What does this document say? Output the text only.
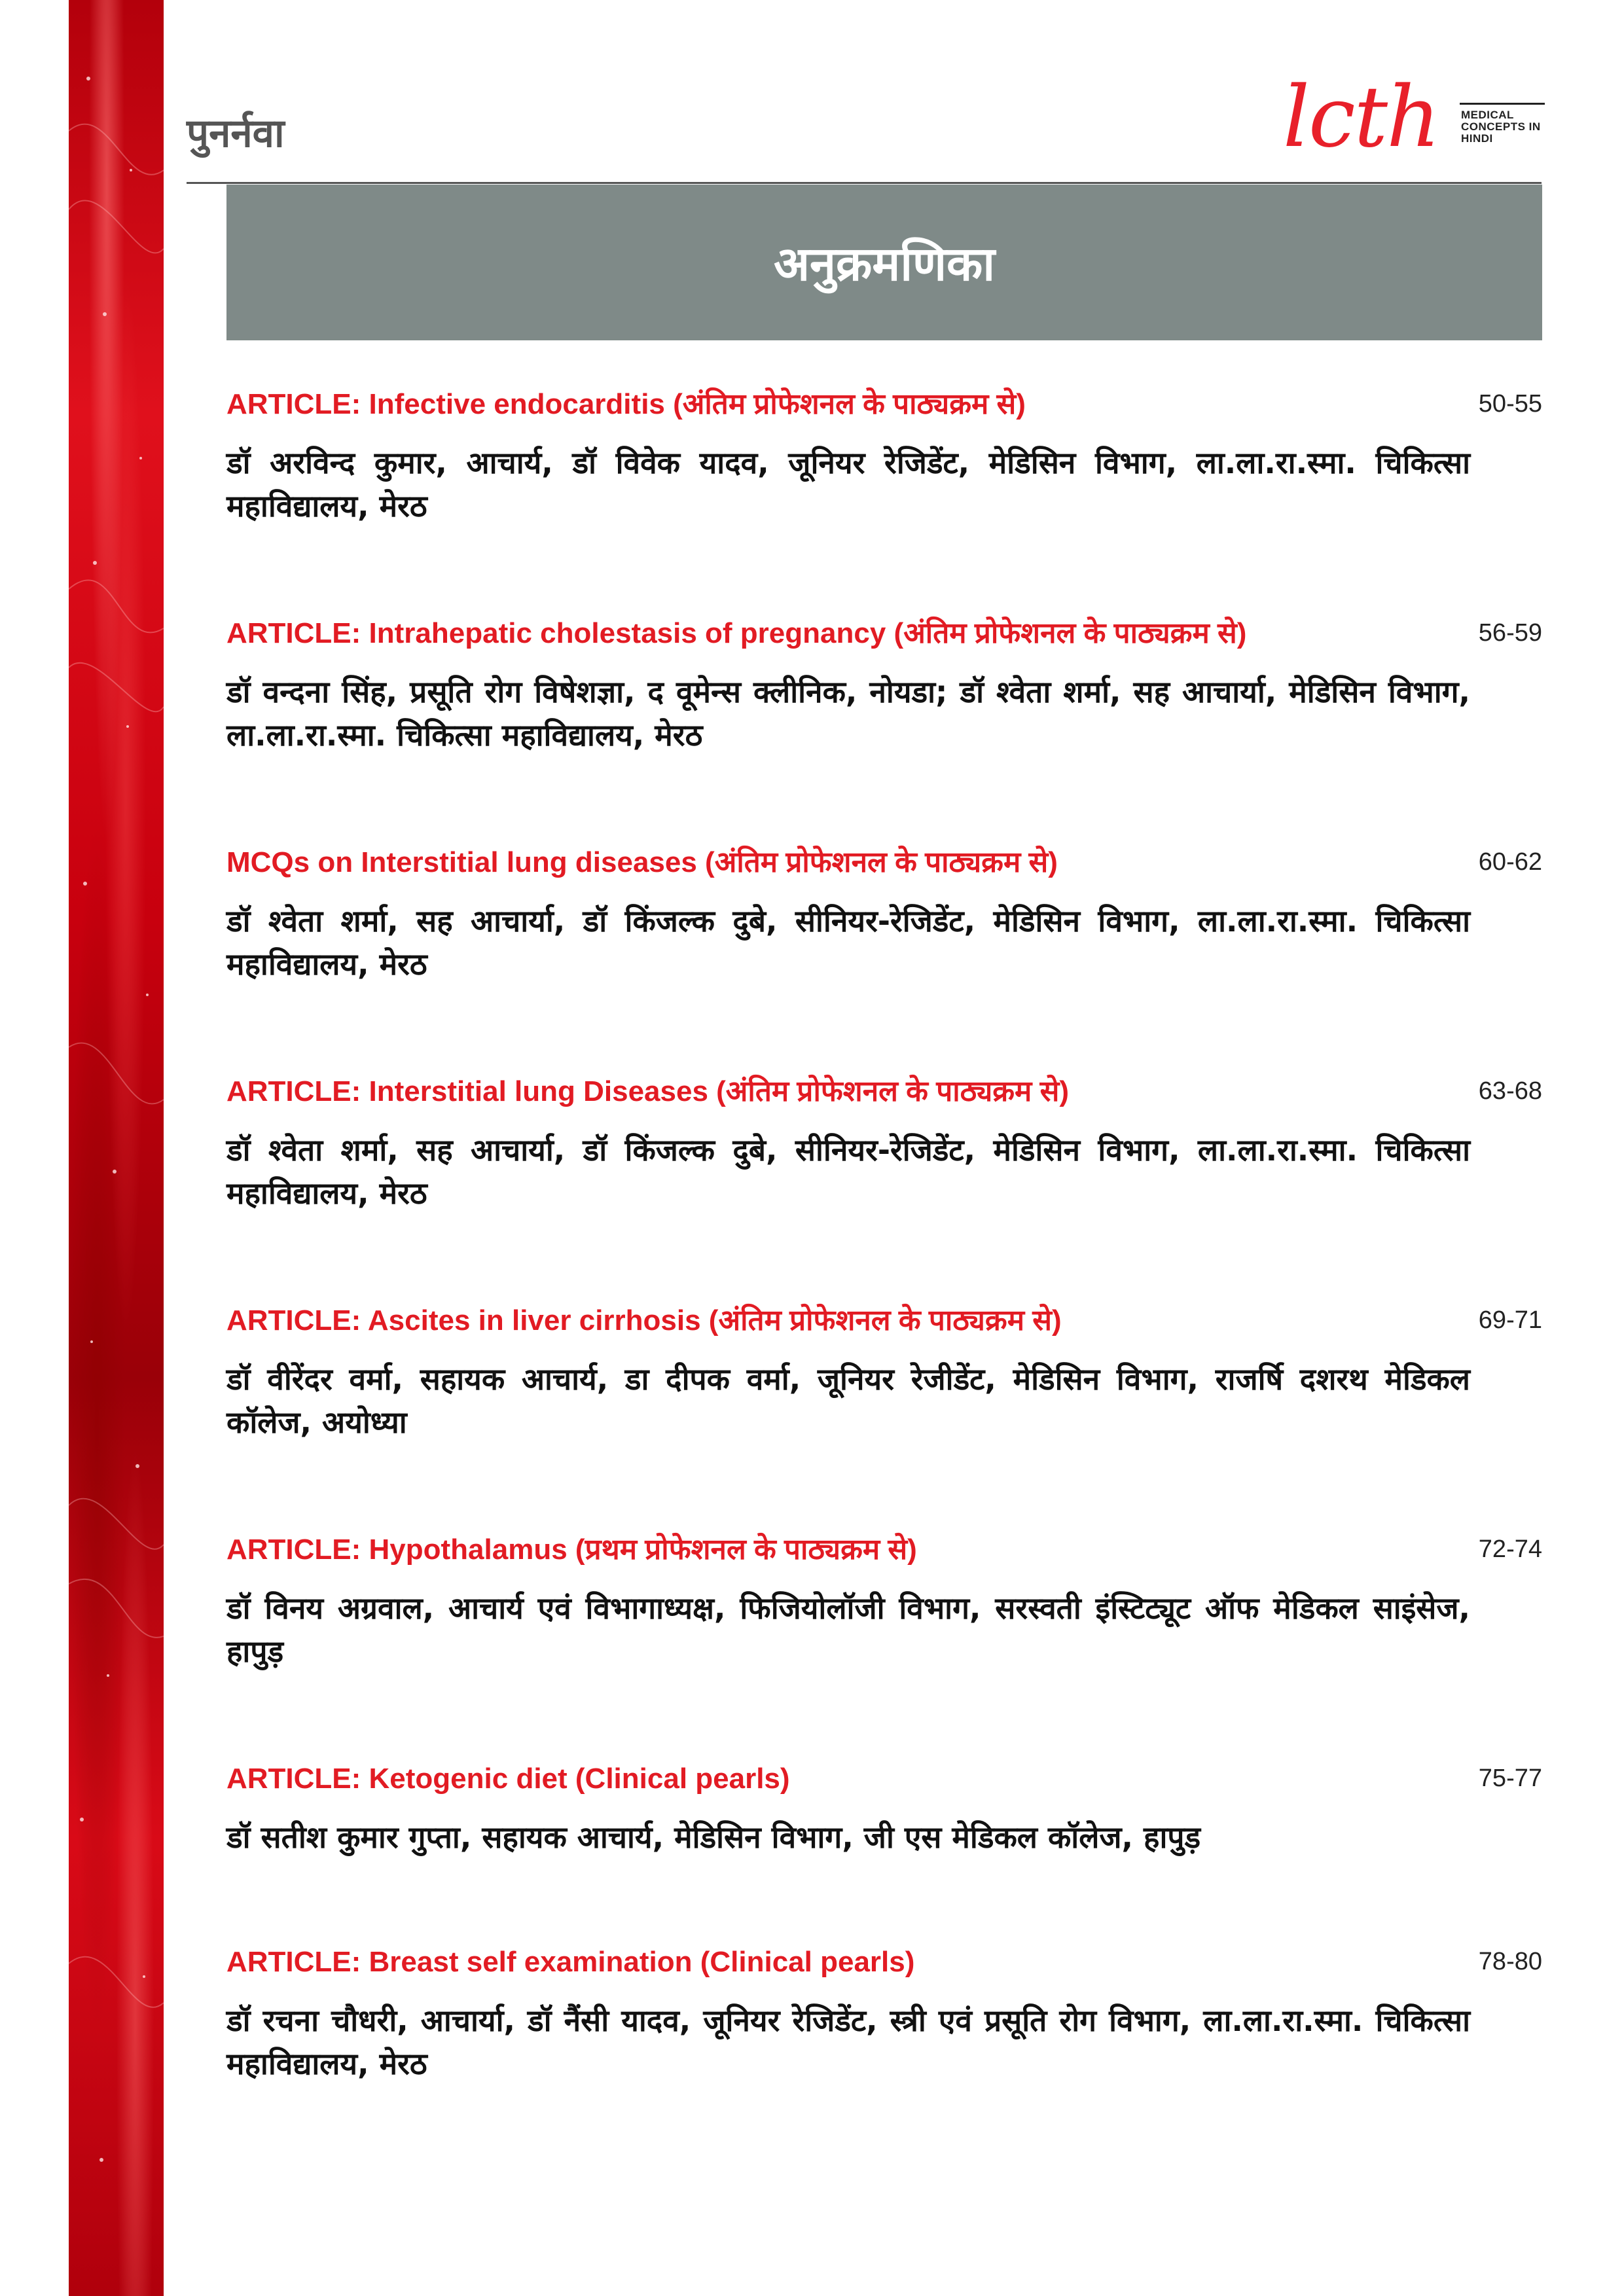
पुनर्नवा	lcth MEDICAL
CONCEPTS IN
HINDI
अनुक्रमणिका
ARTICLE: Infective endocarditis (अंतिम प्रोफेशनल के पाठ्यक्रम से)	50-55
डॉ अरविन्द कुमार, आचार्य, डॉ विवेक यादव, जूनियर रेजिडेंट, मेडिसिन विभाग, ला.ला.रा.स्मा. चिकित्सा महाविद्यालय, मेरठ
ARTICLE: Intrahepatic cholestasis of pregnancy (अंतिम प्रोफेशनल के पाठ्यक्रम से)	56-59
डॉ वन्दना सिंह, प्रसूति रोग विषेशज्ञा, द वूमेन्स क्लीनिक, नोयडा; डॉ श्वेता शर्मा, सह आचार्या, मेडिसिन विभाग, ला.ला.रा.स्मा. चिकित्सा महाविद्यालय, मेरठ
MCQs on Interstitial lung diseases (अंतिम प्रोफेशनल के पाठ्यक्रम से)	60-62
डॉ श्वेता शर्मा, सह आचार्या, डॉ किंजल्क दुबे, सीनियर-रेजिडेंट, मेडिसिन विभाग, ला.ला.रा.स्मा. चिकित्सा महाविद्यालय, मेरठ
ARTICLE: Interstitial lung Diseases (अंतिम प्रोफेशनल के पाठ्यक्रम से)	63-68
डॉ श्वेता शर्मा, सह आचार्या, डॉ किंजल्क दुबे, सीनियर-रेजिडेंट, मेडिसिन विभाग, ला.ला.रा.स्मा. चिकित्सा महाविद्यालय, मेरठ
ARTICLE: Ascites in liver cirrhosis (अंतिम प्रोफेशनल के पाठ्यक्रम से)	69-71
डॉ वीरेंदर वर्मा, सहायक आचार्य, डा दीपक वर्मा, जूनियर रेजीडेंट, मेडिसिन विभाग, राजर्षि दशरथ मेडिकल कॉलेज, अयोध्या
ARTICLE: Hypothalamus (प्रथम प्रोफेशनल के पाठ्यक्रम से)	72-74
डॉ विनय अग्रवाल, आचार्य एवं विभागाध्यक्ष, फिजियोलॉजी विभाग, सरस्वती इंस्टिट्यूट ऑफ मेडिकल साइंसेज, हापुड़
ARTICLE: Ketogenic diet (Clinical pearls)	75-77
डॉ सतीश कुमार गुप्ता, सहायक आचार्य, मेडिसिन विभाग, जी एस मेडिकल कॉलेज, हापुड़
ARTICLE: Breast self examination (Clinical pearls)	78-80
डॉ रचना चौधरी, आचार्या, डॉ नैंसी यादव, जूनियर रेजिडेंट, स्त्री एवं प्रसूति रोग विभाग, ला.ला.रा.स्मा. चिकित्सा महाविद्यालय, मेरठ
